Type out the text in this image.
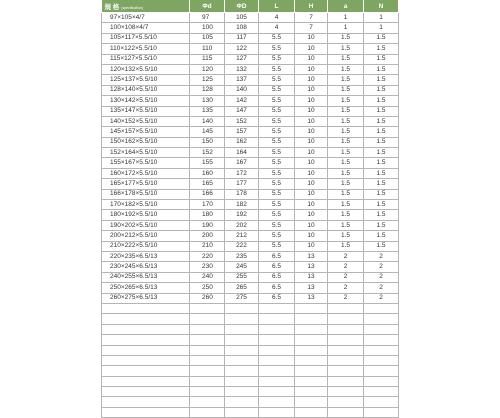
規 格 (specification)	Φd	ΦD	L	H	a	N
97×105×4/7	97	105	4	7	1	1
100×108×4/7	100	108	4	7	1	1
105×117×5.5/10	105	117	5.5	10	1.5	1.5
110×122×5.5/10	110	122	5.5	10	1.5	1.5
115×127×5.5/10	115	127	5.5	10	1.5	1.5
120×132×5.5/10	120	132	5.5	10	1.5	1.5
125×137×5.5/10	125	137	5.5	10	1.5	1.5
128×140×5.5/10	128	140	5.5	10	1.5	1.5
130×142×5.5/10	130	142	5.5	10	1.5	1.5
135×147×5.5/10	135	147	5.5	10	1.5	1.5
140×152×5.5/10	140	152	5.5	10	1.5	1.5
145×157×5.5/10	145	157	5.5	10	1.5	1.5
150×162×5.5/10	150	162	5.5	10	1.5	1.5
152×164×5.5/10	152	164	5.5	10	1.5	1.5
155×167×5.5/10	155	167	5.5	10	1.5	1.5
160×172×5.5/10	160	172	5.5	10	1.5	1.5
165×177×5.5/10	165	177	5.5	10	1.5	1.5
166×178×5.5/10	166	178	5.5	10	1.5	1.5
170×182×5.5/10	170	182	5.5	10	1.5	1.5
180×192×5.5/10	180	192	5.5	10	1.5	1.5
190×202×5.5/10	190	202	5.5	10	1.5	1.5
200×212×5.5/10	200	212	5.5	10	1.5	1.5
210×222×5.5/10	210	222	5.5	10	1.5	1.5
220×235×6.5/13	220	235	6.5	13	2	2
230×245×6.5/13	230	245	6.5	13	2	2
240×255×6.5/13	240	255	6.5	13	2	2
250×265×6.5/13	250	265	6.5	13	2	2
260×275×6.5/13	260	275	6.5	13	2	2
